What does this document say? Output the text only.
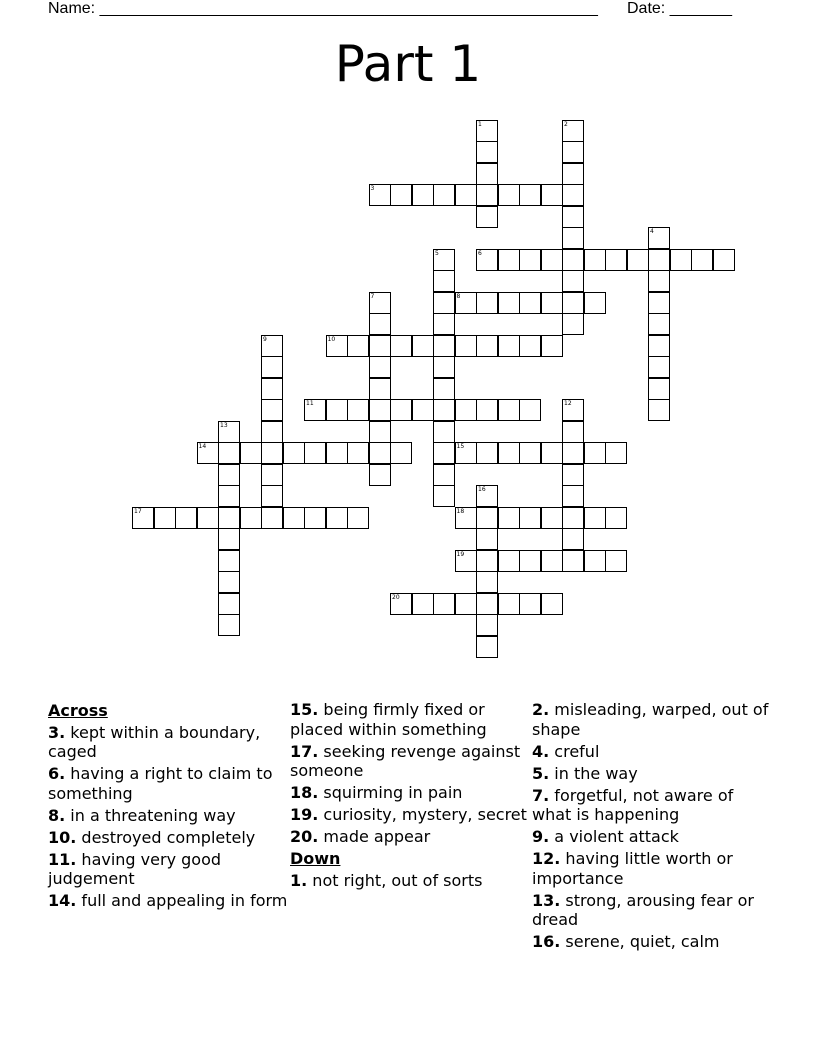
Name: ________________________________________________________ Date: _______
Part 1
1	2
3
4
5	6
7	8
9	10
11	12
13
14	15
16
17	18
19
20
Across
3. kept within a boundary, caged
6. having a right to claim to something
8. in a threatening way
10. destroyed completely
11. having very good judgement
14. full and appealing in form
15. being firmly fixed or placed within something
17. seeking revenge against someone
18. squirming in pain
19. curiosity, mystery, secret
20. made appear
Down
1. not right, out of sorts
2. misleading, warped, out of shape
4. creful
5. in the way
7. forgetful, not aware of what is happening
9. a violent attack
12. having little worth or importance
13. strong, arousing fear or dread
16. serene, quiet, calm
